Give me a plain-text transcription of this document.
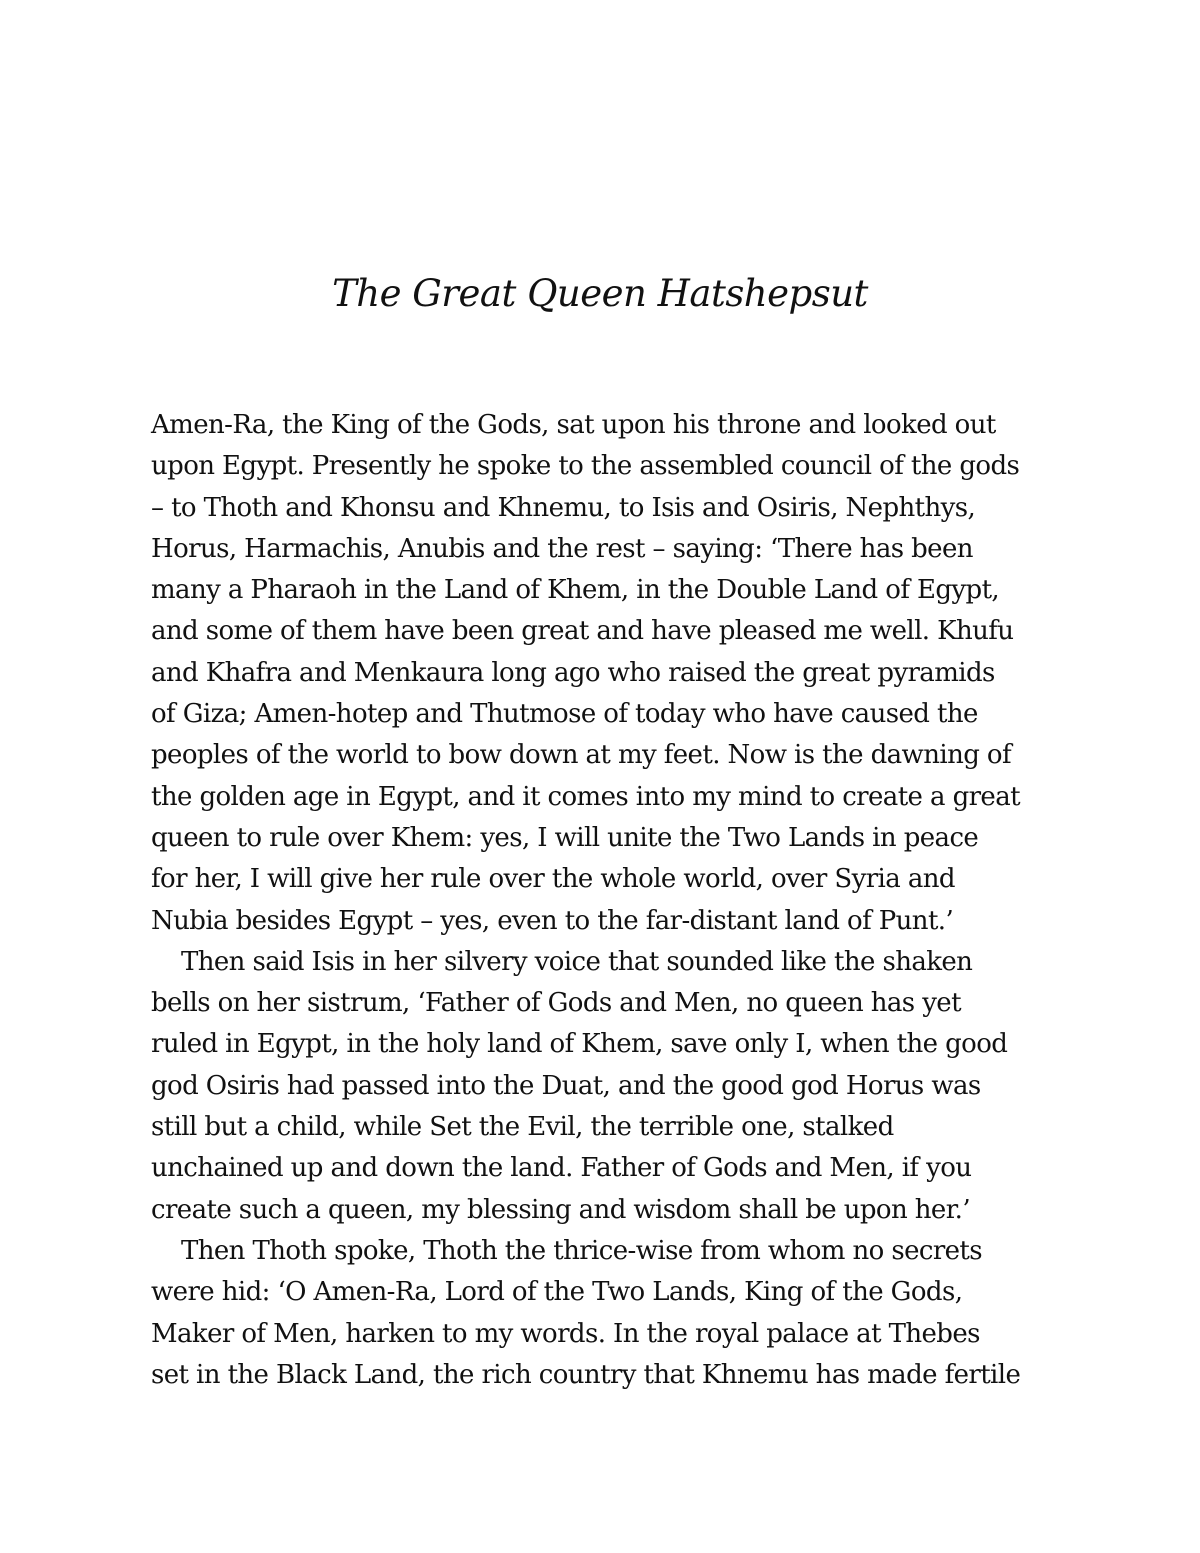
The Great Queen Hatshepsut
Amen-Ra, the King of the Gods, sat upon his throne and looked out
upon Egypt. Presently he spoke to the assembled council of the gods
– to Thoth and Khonsu and Khnemu, to Isis and Osiris, Nephthys,
Horus, Harmachis, Anubis and the rest – saying: ‘There has been
many a Pharaoh in the Land of Khem, in the Double Land of Egypt,
and some of them have been great and have pleased me well. Khufu
and Khafra and Menkaura long ago who raised the great pyramids
of Giza; Amen-hotep and Thutmose of today who have caused the
peoples of the world to bow down at my feet. Now is the dawning of
the golden age in Egypt, and it comes into my mind to create a great
queen to rule over Khem: yes, I will unite the Two Lands in peace
for her, I will give her rule over the whole world, over Syria and
Nubia besides Egypt – yes, even to the far-distant land of Punt.’
Then said Isis in her silvery voice that sounded like the shaken
bells on her sistrum, ‘Father of Gods and Men, no queen has yet
ruled in Egypt, in the holy land of Khem, save only I, when the good
god Osiris had passed into the Duat, and the good god Horus was
still but a child, while Set the Evil, the terrible one, stalked
unchained up and down the land. Father of Gods and Men, if you
create such a queen, my blessing and wisdom shall be upon her.’
Then Thoth spoke, Thoth the thrice-wise from whom no secrets
were hid: ‘O Amen-Ra, Lord of the Two Lands, King of the Gods,
Maker of Men, harken to my words. In the royal palace at Thebes
set in the Black Land, the rich country that Khnemu has made fertile
